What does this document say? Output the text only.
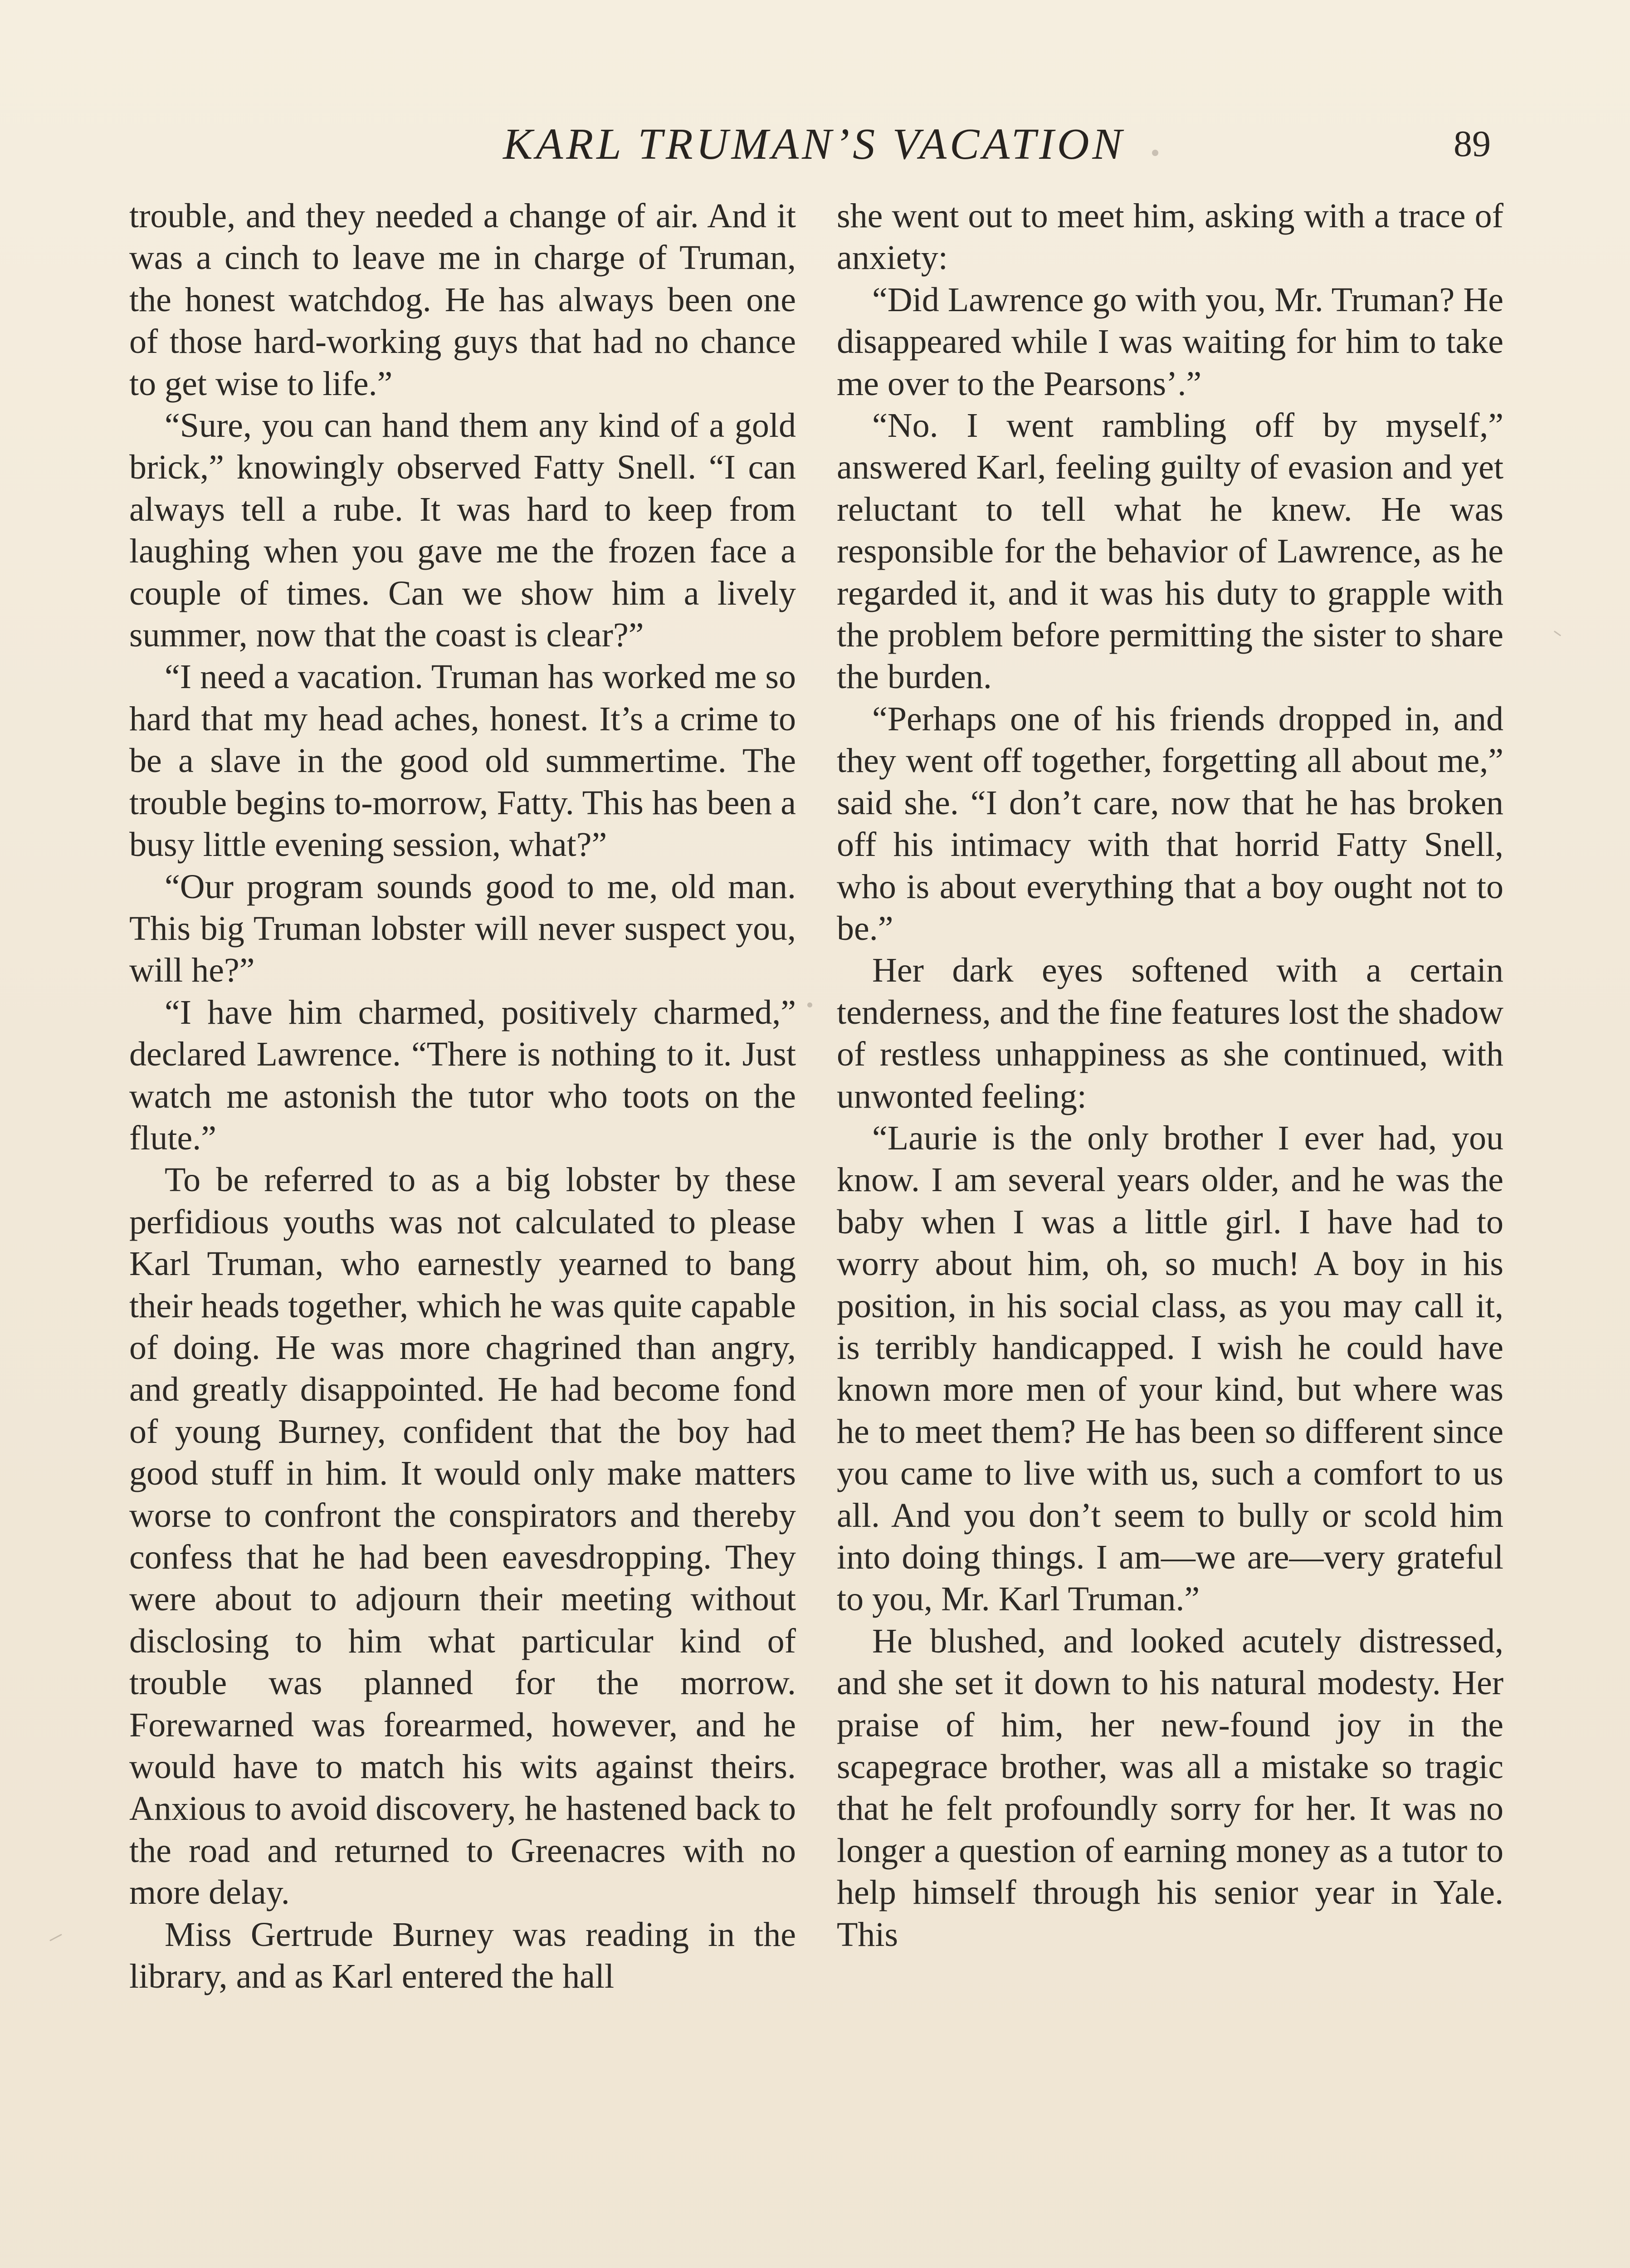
KARL TRUMAN’S VACATION	89

trouble, and they needed a change of air. And it was a cinch to leave me in charge of Truman, the honest watchdog. He has always been one of those hard-working guys that had no chance to get wise to life.”

“Sure, you can hand them any kind of a gold brick,” knowingly observed Fatty Snell. “I can always tell a rube. It was hard to keep from laughing when you gave me the frozen face a couple of times. Can we show him a lively summer, now that the coast is clear?”

“I need a vacation. Truman has worked me so hard that my head aches, honest. It’s a crime to be a slave in the good old summertime. The trouble begins to-morrow, Fatty. This has been a busy little evening session, what?”

“Our program sounds good to me, old man. This big Truman lobster will never suspect you, will he?”

“I have him charmed, positively charmed,” declared Lawrence. “There is nothing to it. Just watch me astonish the tutor who toots on the flute.”

To be referred to as a big lobster by these perfidious youths was not calculated to please Karl Truman, who earnestly yearned to bang their heads together, which he was quite capable of doing. He was more chagrined than angry, and greatly disappointed. He had become fond of young Burney, confident that the boy had good stuff in him. It would only make matters worse to confront the conspirators and thereby confess that he had been eavesdropping. They were about to adjourn their meeting without disclosing to him what particular kind of trouble was planned for the morrow. Forewarned was forearmed, however, and he would have to match his wits against theirs. Anxious to avoid discovery, he hastened back to the road and returned to Greenacres with no more delay.

Miss Gertrude Burney was reading in the library, and as Karl entered the hall

she went out to meet him, asking with a trace of anxiety:

“Did Lawrence go with you, Mr. Truman? He disappeared while I was waiting for him to take me over to the Pearsons’.”

“No. I went rambling off by myself,” answered Karl, feeling guilty of evasion and yet reluctant to tell what he knew. He was responsible for the behavior of Lawrence, as he regarded it, and it was his duty to grapple with the problem before permitting the sister to share the burden.

“Perhaps one of his friends dropped in, and they went off together, forgetting all about me,” said she. “I don’t care, now that he has broken off his intimacy with that horrid Fatty Snell, who is about everything that a boy ought not to be.”

Her dark eyes softened with a certain tenderness, and the fine features lost the shadow of restless unhappiness as she continued, with unwonted feeling:

“Laurie is the only brother I ever had, you know. I am several years older, and he was the baby when I was a little girl. I have had to worry about him, oh, so much! A boy in his position, in his social class, as you may call it, is terribly handicapped. I wish he could have known more men of your kind, but where was he to meet them? He has been so different since you came to live with us, such a comfort to us all. And you don’t seem to bully or scold him into doing things. I am—we are—very grateful to you, Mr. Karl Truman.”

He blushed, and looked acutely distressed, and she set it down to his natural modesty. Her praise of him, her new-found joy in the scapegrace brother, was all a mistake so tragic that he felt profoundly sorry for her. It was no longer a question of earning money as a tutor to help himself through his senior year in Yale. This
